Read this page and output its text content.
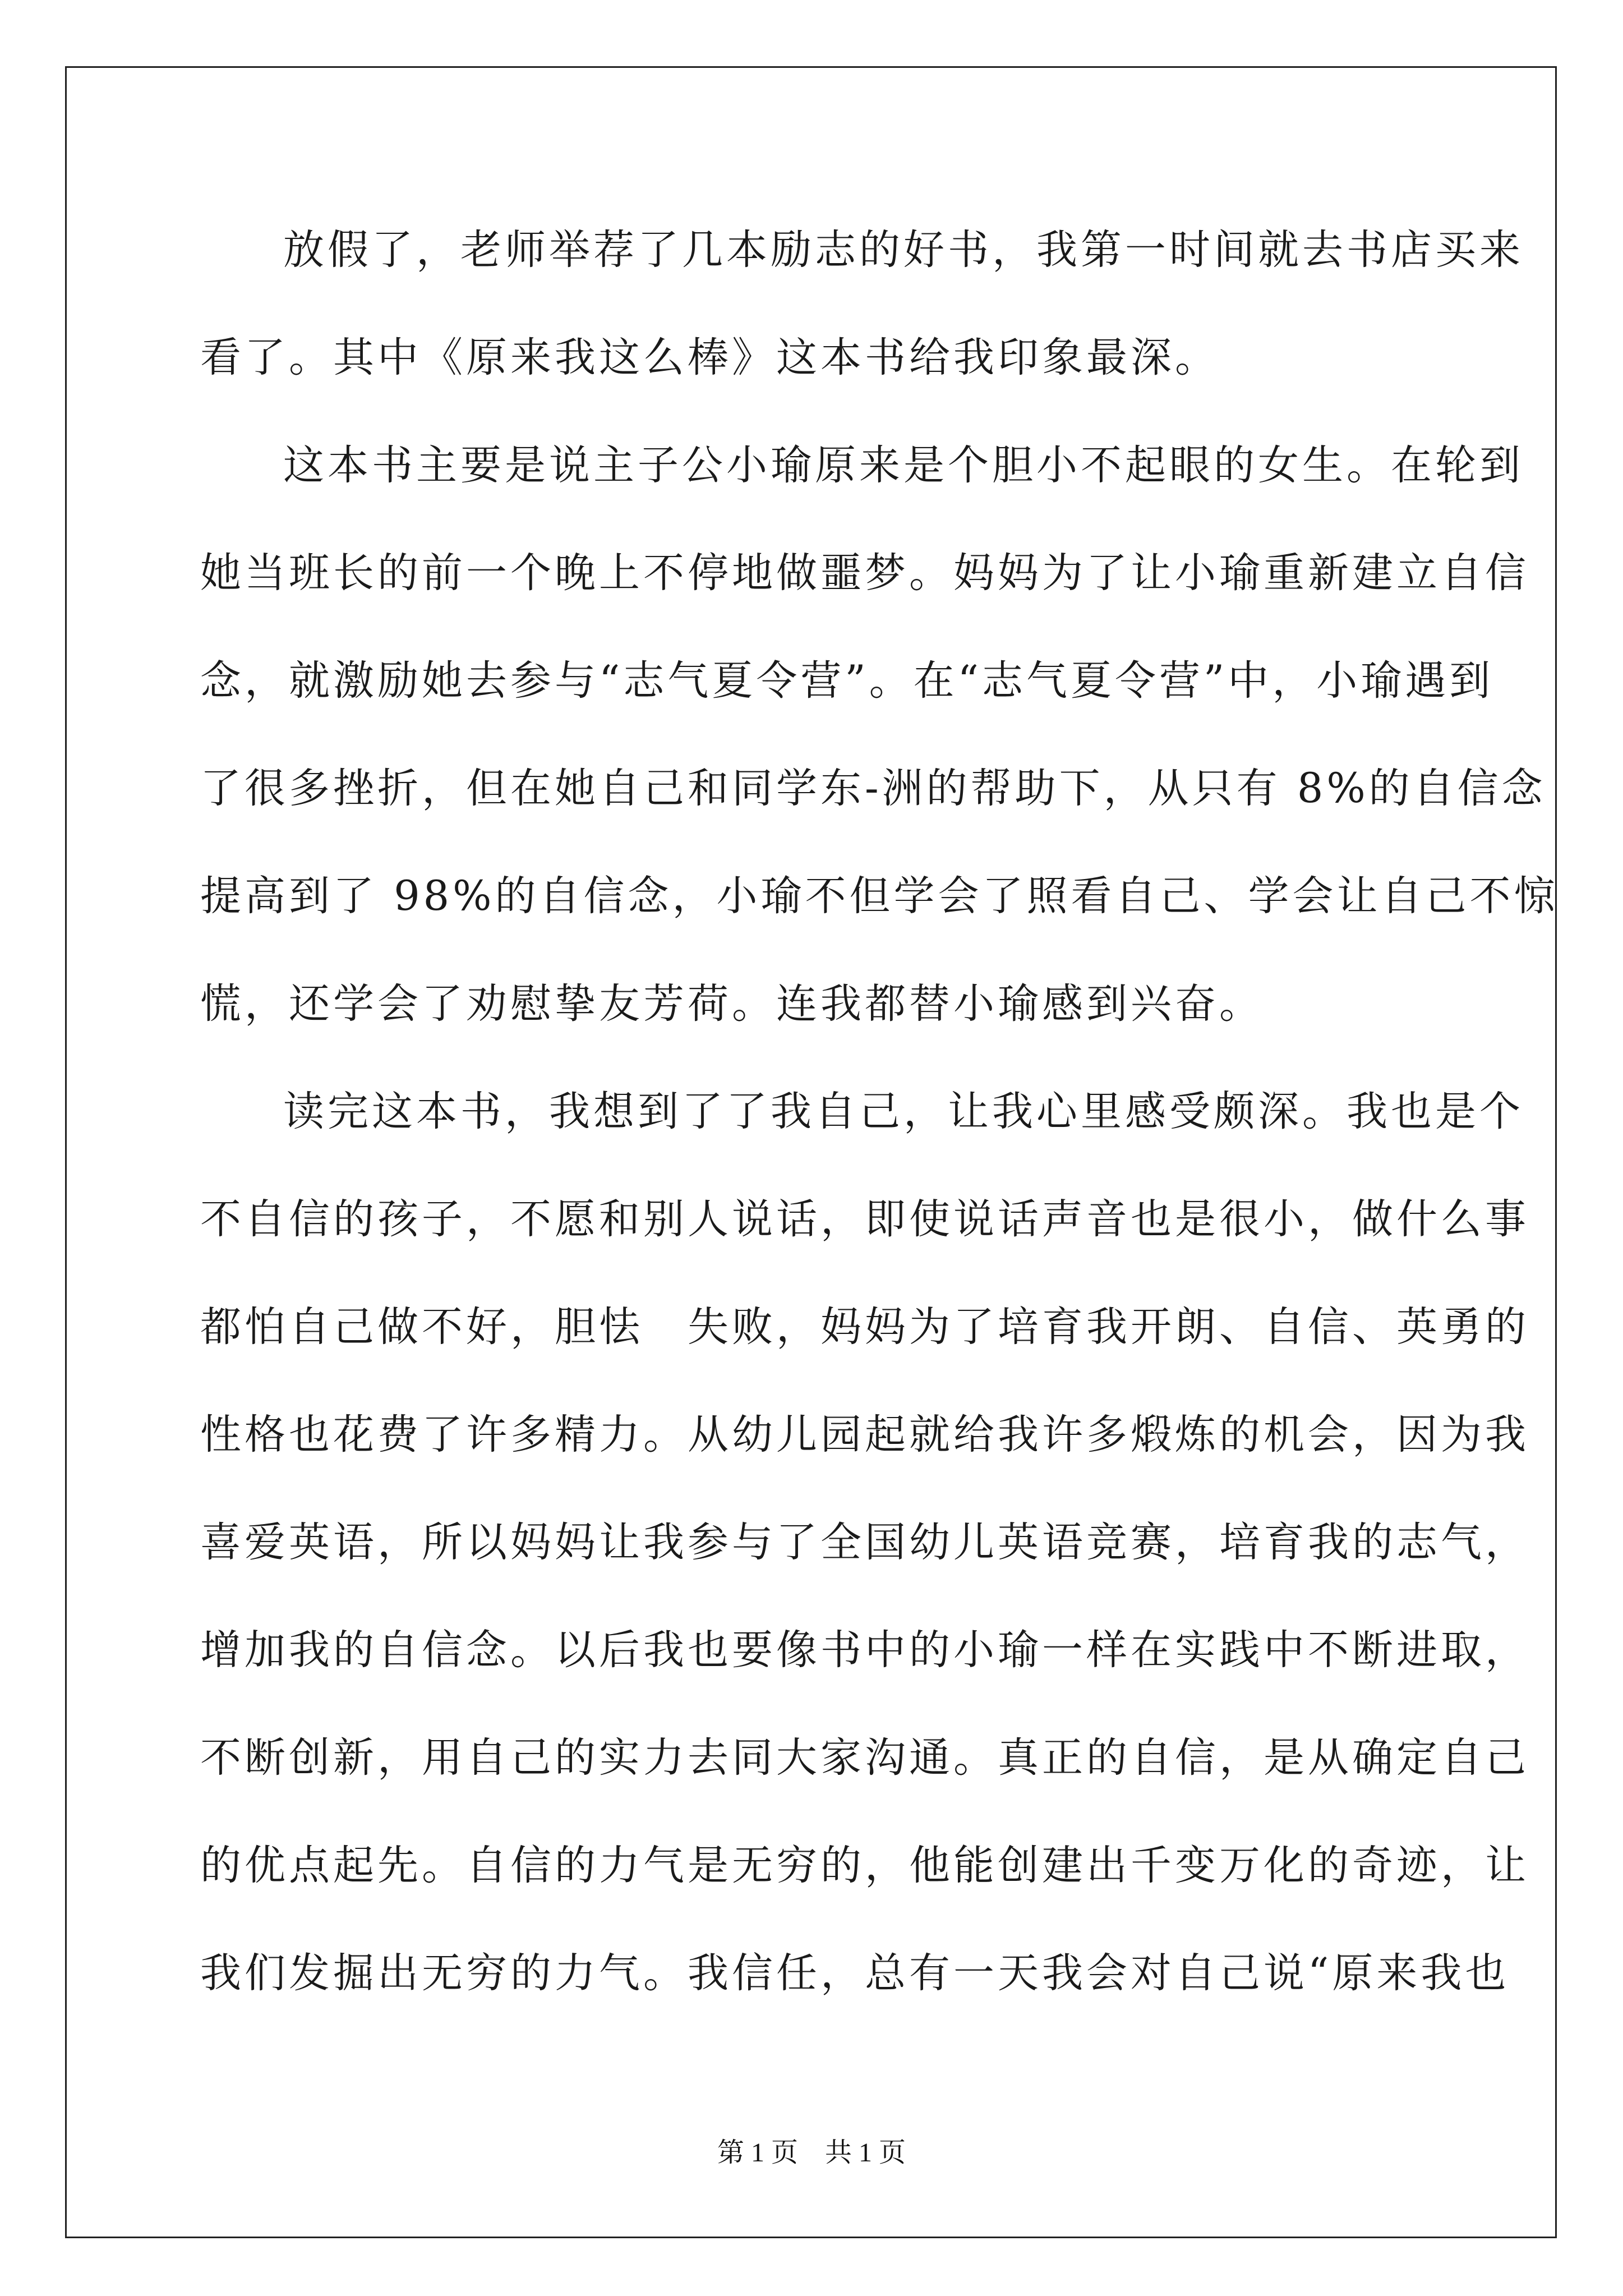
放假了，老师举荐了几本励志的好书，我第一时间就去书店买来
看了。其中《原来我这么棒》这本书给我印象最深。
这本书主要是说主子公小瑜原来是个胆小不起眼的女生。在轮到
她当班长的前一个晚上不停地做噩梦。妈妈为了让小瑜重新建立自信
念，就激励她去参与“志气夏令营”。在“志气夏令营”中，小瑜遇到
了很多挫折，但在她自己和同学东-洲的帮助下，从只有 8%的自信念
提高到了 98%的自信念，小瑜不但学会了照看自己、学会让自己不惊
慌，还学会了劝慰挚友芳荷。连我都替小瑜感到兴奋。
读完这本书，我想到了了我自己，让我心里感受颇深。我也是个
不自信的孩子，不愿和别人说话，即使说话声音也是很小，做什么事
都怕自己做不好，胆怯　失败，妈妈为了培育我开朗、自信、英勇的
性格也花费了许多精力。从幼儿园起就给我许多煅炼的机会，因为我
喜爱英语，所以妈妈让我参与了全国幼儿英语竞赛，培育我的志气，
增加我的自信念。以后我也要像书中的小瑜一样在实践中不断进取，
不断创新，用自己的实力去同大家沟通。真正的自信，是从确定自己
的优点起先。自信的力气是无穷的，他能创建出千变万化的奇迹，让
我们发掘出无穷的力气。我信任，总有一天我会对自己说“原来我也
第 1 页　共 1 页
